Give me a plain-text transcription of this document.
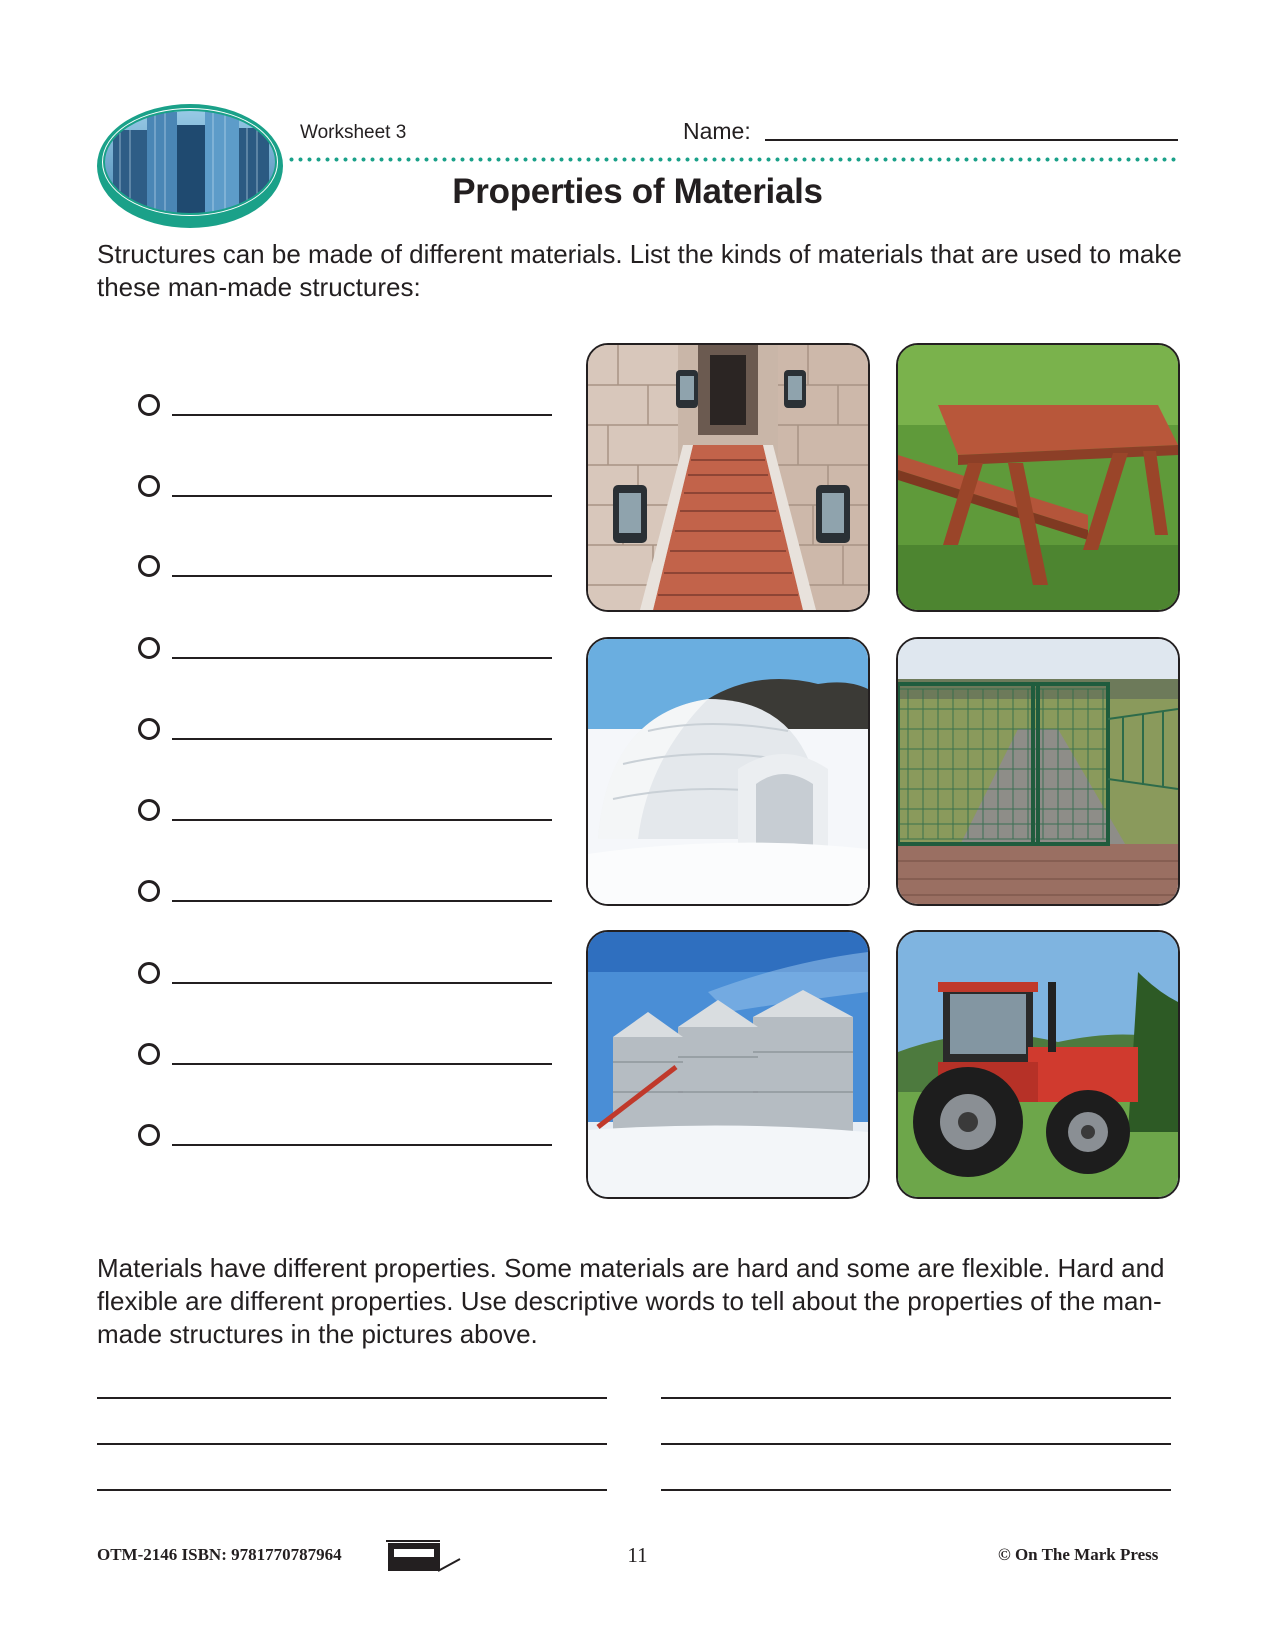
Worksheet 3	Name:
Properties of Materials
Structures can be made of different materials. List the kinds of materials that are used to make these man-made structures:
Materials have different properties. Some materials are hard and some are flexible. Hard and flexible are different properties. Use descriptive words to tell about the properties of the man-made structures in the pictures above.
OTM-2146 ISBN: 9781770787964	11	© On The Mark Press
